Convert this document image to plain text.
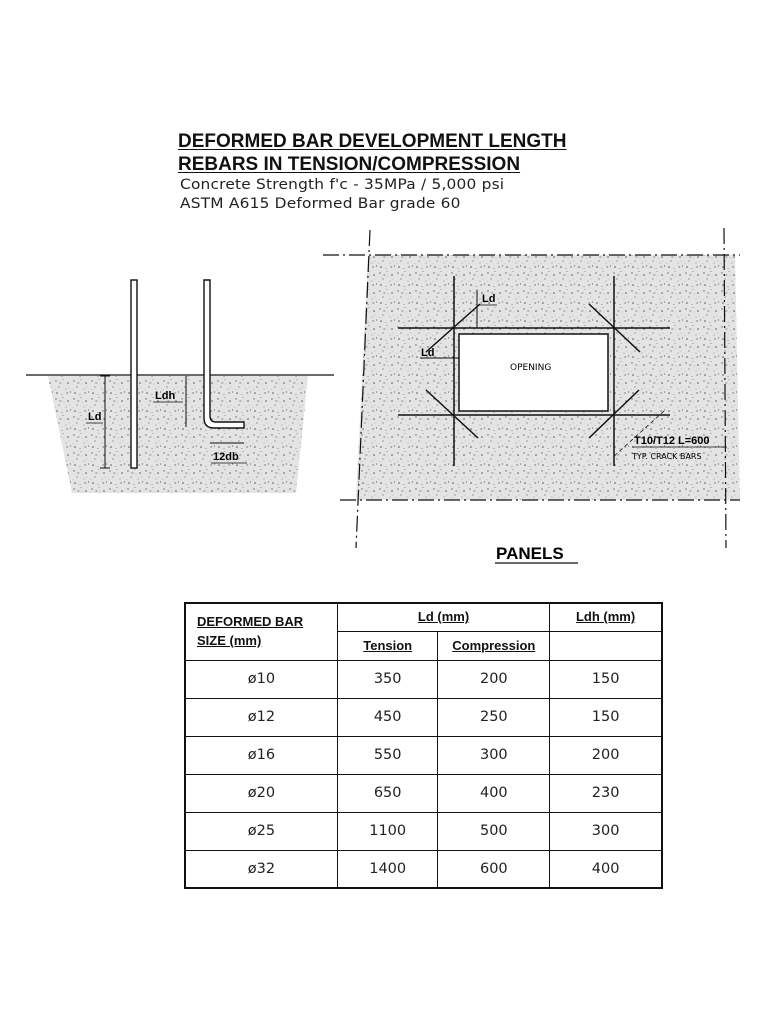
DEFORMED BAR DEVELOPMENT LENGTH
REBARS IN TENSION/COMPRESSION
Concrete Strength f'c - 35MPa / 5,000 psi
ASTM A615 Deformed Bar grade 60
Ld
Ldh
12db
OPENING
Ld
Ld
T10/T12 L=600
TYP. CRACK BARS
PANELS
DEFORMED BAR
SIZE (mm)	Ld (mm)		Ldh (mm)
	Tension	Compression	
ø10	350	200	150
ø12	450	250	150
ø16	550	300	200
ø20	650	400	230
ø25	1100	500	300
ø32	1400	600	400
